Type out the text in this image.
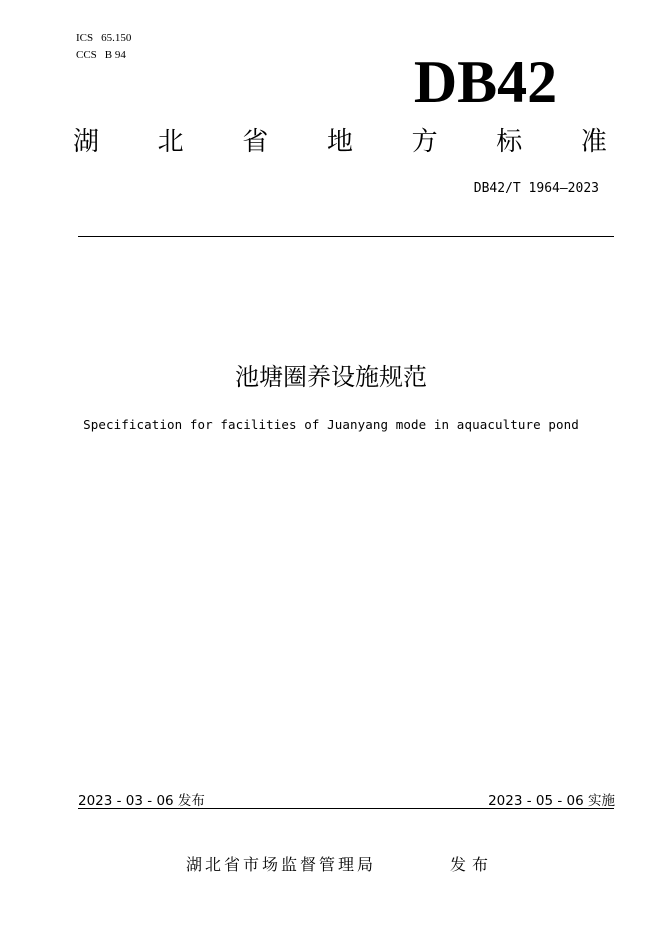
ICS 65.150
CCS B 94	DB42
湖 北 省 地 方 标 准
DB42/T 1964—2023
池塘圈养设施规范
Specification for facilities of Juanyang mode in aquaculture pond
2023 - 03 - 06 发布	2023 - 05 - 06 实施
湖北省市场监督管理局	发布
